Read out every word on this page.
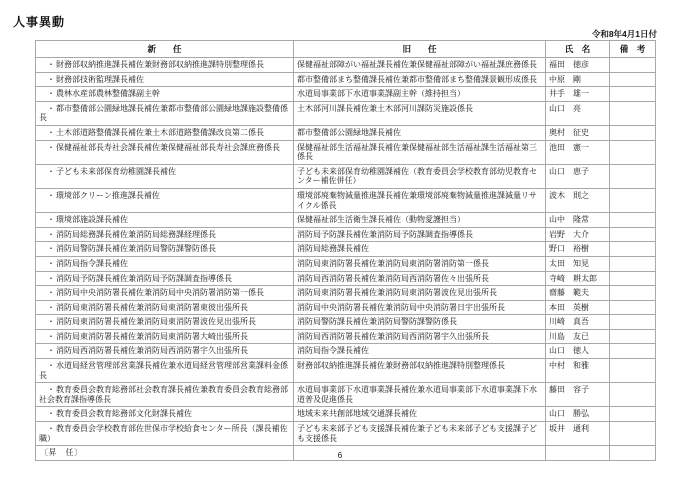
人事異動
令和8年4月1日付
新　　任	旧　　任	氏　名	備　考

・財務部収納推進課長補佐兼財務部収納推進課特別整理係長	保健福祉部障がい福祉課長補佐兼保健福祉部障がい福祉課庶務係長	福田 徳彦	

・財務部技術監理課長補佐	都市整備部まち整備課長補佐兼都市整備部まち整備課景観形成係長	中原 剛	

・農林水産部農林整備課副主幹	水道局事業部下水道事業課副主幹（維持担当）	井手 雄一	

・都市整備部公園緑地課長補佐兼都市整備部公園緑地課施設整備係長	土木部河川課長補佐兼土木部河川課防災施設係長	山口 亮	

・土木部道路整備課長補佐兼土木部道路整備課改良第二係長	都市整備部公園緑地課長補佐	奥村 征史	

・保健福祉部長寿社会課長補佐兼保健福祉部長寿社会課庶務係長	保健福祉部生活福祉課長補佐兼保健福祉部生活福祉課生活福祉第三係長	池田 憲一	

・子ども未来部保育幼稚園課長補佐	子ども未来部保育幼稚園課補佐（教育委員会学校教育部幼児教育センター補佐併任）	山口 恵子	

・環境部クリーン推進課長補佐	環境部廃棄物減量推進課長補佐兼環境部廃棄物減量推進課減量リサイクル係長	波木 則之	

・環境部施設課長補佐	保健福祉部生活衛生課長補佐（動物愛護担当）	山中 隆常	

・消防局総務課長補佐兼消防局総務課経理係長	消防局予防課長補佐兼消防局予防課調査指導係長	岩野 大介	

・消防局警防課長補佐兼消防局警防課警防係長	消防局総務課長補佐	野口 裕樹	

・消防局指令課長補佐	消防局東消防署長補佐兼消防局東消防署消防第一係長	太田 知見	

・消防局予防課長補佐兼消防局予防課調査指導係長	消防局西消防署長補佐兼消防局西消防署佐々出張所長	寺崎 耕太郎	

・消防局中央消防署長補佐兼消防局中央消防署消防第一係長	消防局東消防署長補佐兼消防局東消防署波佐見出張所長	齋藤 範夫	

・消防局東消防署長補佐兼消防局東消防署東彼出張所長	消防局中央消防署長補佐兼消防局中央消防署日宇出張所長	本田 英樹	

・消防局東消防署長補佐兼消防局東消防署波佐見出張所長	消防局警防課長補佐兼消防局警防課警防係長	川崎 真吾	

・消防局東消防署長補佐兼消防局東消防署大崎出張所長	消防局西消防署長補佐兼消防局西消防署宇久出張所長	川島 友已	

・消防局西消防署長補佐兼消防局西消防署宇久出張所長	消防局指令課長補佐	山口 徳人	

・水道局経営管理部営業課長補佐兼水道局経営管理部営業課料金係長	財務部収納推進課長補佐兼財務部収納推進課特別整理係長	中村 和雅	

・教育委員会教育総務部社会教育課長補佐兼教育委員会教育総務部社会教育課指導係長	水道局事業部下水道事業課長補佐兼水道局事業部下水道事業課下水道普及促進係長	藤田 容子	

・教育委員会教育総務部文化財課長補佐	地域未来共創部地域交通課長補佐	山口 勝弘	

・教育委員会学校教育部佐世保市学校給食センター所長（課長補佐職）	子ども未来部子ども支援課長補佐兼子ども未来部子ども支援課子ども支援係長	坂井 通利	

〔昇　任〕			
				6
